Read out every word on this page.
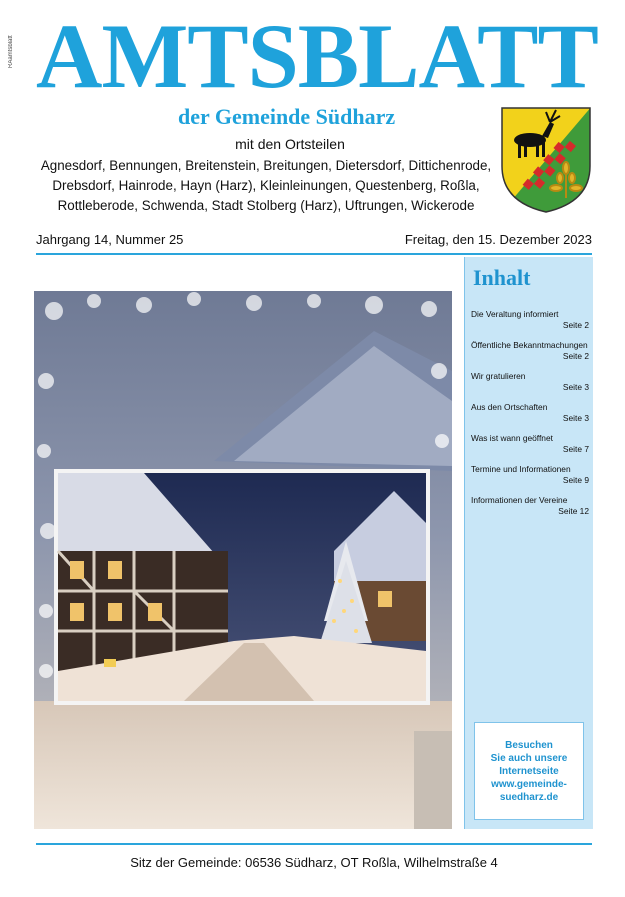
RAamtsblatt AMTSBLATT
der Gemeinde Südharz
mit den Ortsteilen
Agnesdorf, Bennungen, Breitenstein, Breitungen, Dietersdorf, Dittichenrode,
Drebsdorf, Hainrode, Hayn (Harz), Kleinleinungen, Questenberg, Roßla,
Rottleberode, Schwenda, Stadt Stolberg (Harz), Uftrungen, Wickerode
Jahrgang 14, Nummer 25	Freitag, den 15. Dezember 2023
Inhalt
Die Veraltung informiert
Seite 2
Öffentliche Bekanntmachungen
Seite 2
Wir gratulieren
Seite 3
Aus den Ortschaften
Seite 3
Was ist wann geöffnet
Seite 7
Termine und Informationen
Seite 9
Informationen der Vereine
Seite 12
Besuchen
Sie auch unsere
Internetseite
www.gemeinde-
suedharz.de
Sitz der Gemeinde: 06536 Südharz, OT Roßla, Wilhelmstraße 4
